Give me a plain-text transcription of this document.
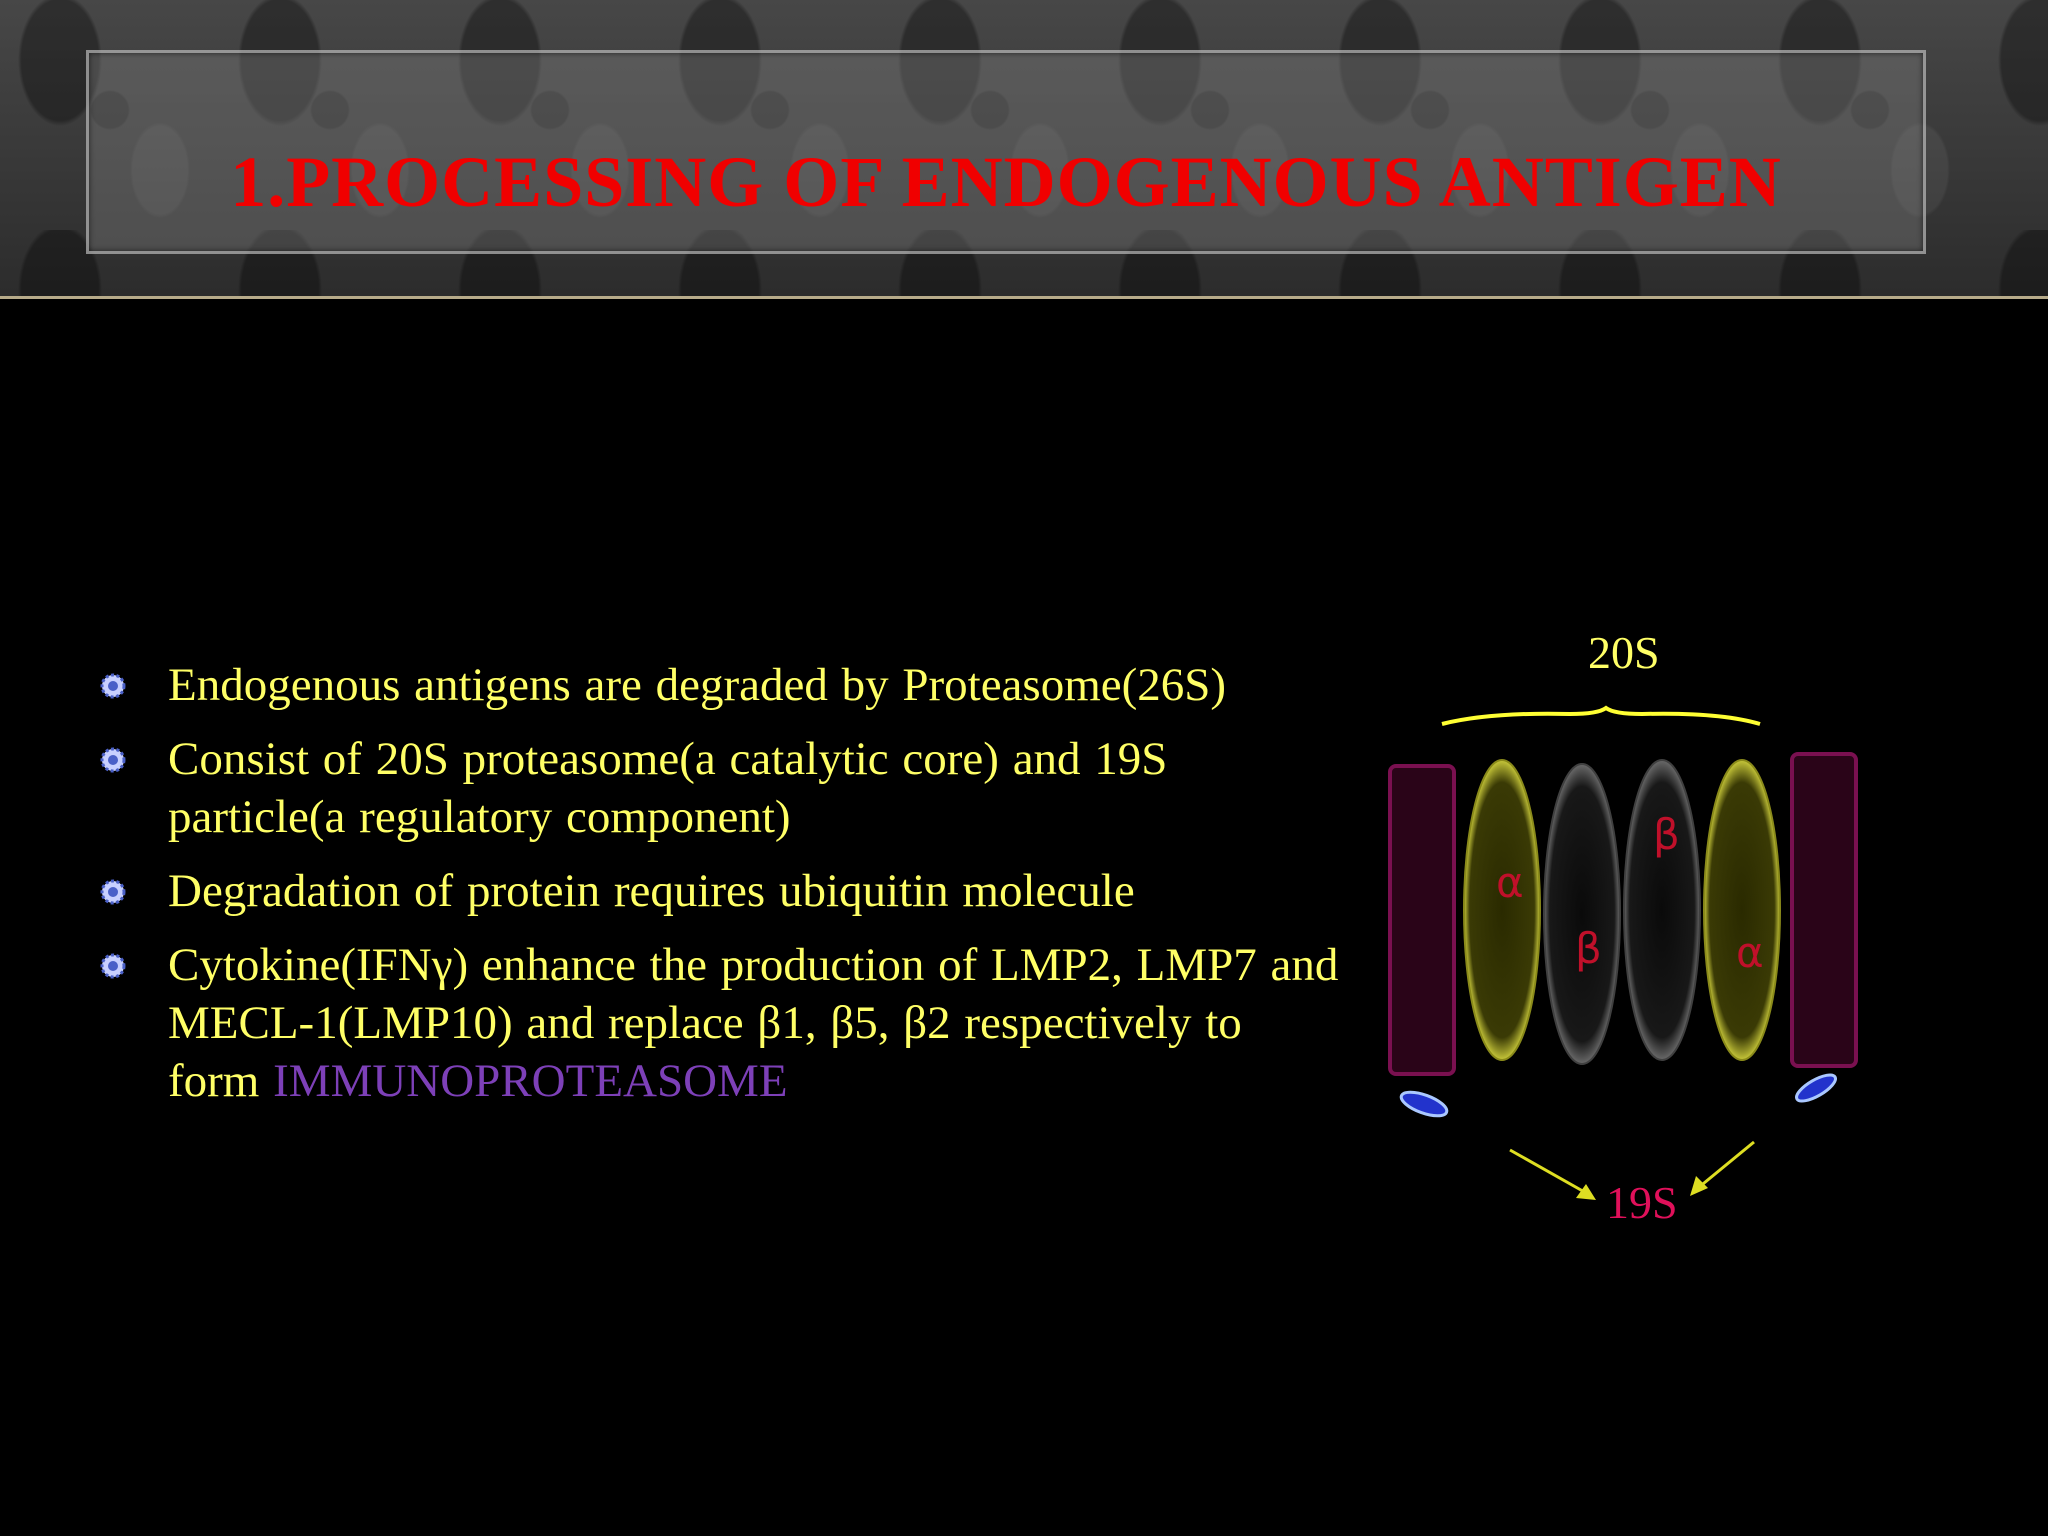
1.PROCESSING OF ENDOGENOUS ANTIGEN
Endogenous antigens are degraded by Proteasome(26S)
Consist of 20S proteasome(a catalytic core) and 19S particle(a regulatory component)
Degradation of protein requires ubiquitin molecule
Cytokine(IFNγ) enhance the production of LMP2, LMP7 and MECL-1(LMP10) and replace β1, β5, β2 respectively to form IMMUNOPROTEASOME
20S
α
β
β
α
19S
